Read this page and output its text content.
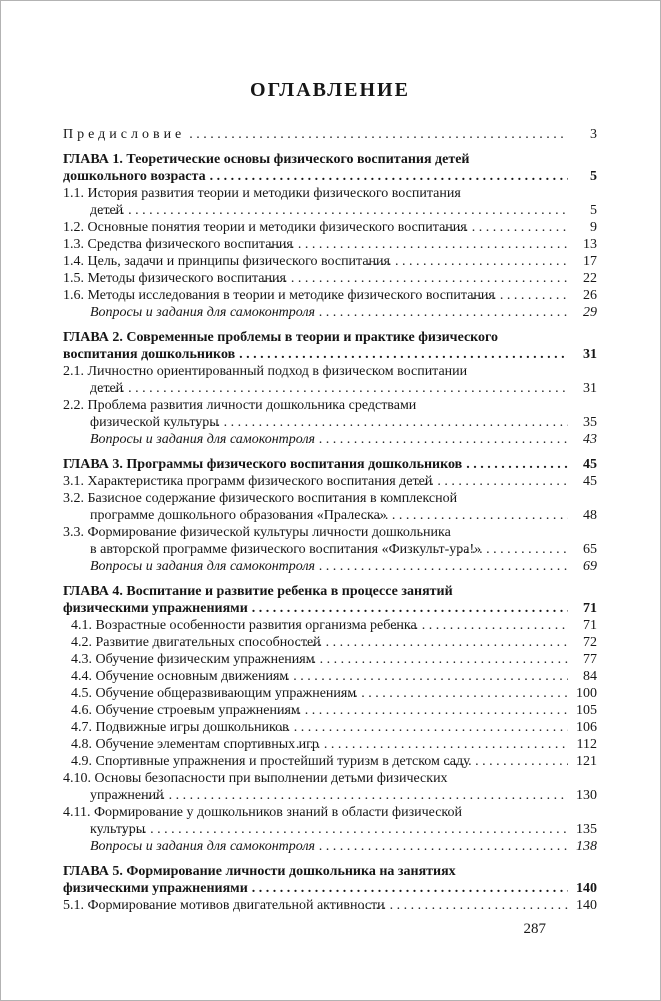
ОГЛАВЛЕНИЕ
Предисловие . . .	3
ГЛАВА 1. Теоретические основы физического воспитания детей
дошкольного возраста . . .	5
1.1. История развития теории и методики физического воспитания
детей . . .	5
1.2. Основные понятия теории и методики физического воспитания . . .	9
1.3. Средства физического воспитания . . .	13
1.4. Цель, задачи и принципы физического воспитания . . .	17
1.5. Методы физического воспитания . . .	22
1.6. Методы исследования в теории и методике физического воспитания . . .	26
Вопросы и задания для самоконтроля . . .	29
ГЛАВА 2. Современные проблемы в теории и практике физического
воспитания дошкольников . . .	31
2.1. Личностно ориентированный подход в физическом воспитании
детей . . .	31
2.2. Проблема развития личности дошкольника средствами
физической культуры . . .	35
Вопросы и задания для самоконтроля . . .	43
ГЛАВА 3. Программы физического воспитания дошкольников . . .	45
3.1. Характеристика программ физического воспитания детей . . .	45
3.2. Базисное содержание физического воспитания в комплексной
программе дошкольного образования «Пралеска» . . .	48
3.3. Формирование физической культуры личности дошкольника
в авторской программе физического воспитания «Физкульт-ура!» . . .	65
Вопросы и задания для самоконтроля . . .	69
ГЛАВА 4. Воспитание и развитие ребенка в процессе занятий
физическими упражнениями . . .	71
4.1. Возрастные особенности развития организма ребенка . . .	71
4.2. Развитие двигательных способностей . . .	72
4.3. Обучение физическим упражнениям . . .	77
4.4. Обучение основным движениям . . .	84
4.5. Обучение общеразвивающим упражнениям . . .	100
4.6. Обучение строевым упражнениям . . .	105
4.7. Подвижные игры дошкольников . . .	106
4.8. Обучение элементам спортивных игр . . .	112
4.9. Спортивные упражнения и простейший туризм в детском саду . . .	121
4.10. Основы безопасности при выполнении детьми физических
упражнений . . .	130
4.11. Формирование у дошкольников знаний в области физической
культуры . . .	135
Вопросы и задания для самоконтроля . . .	138
ГЛАВА 5. Формирование личности дошкольника на занятиях
физическими упражнениями . . .	140
5.1. Формирование мотивов двигательной активности . . .	140
287
